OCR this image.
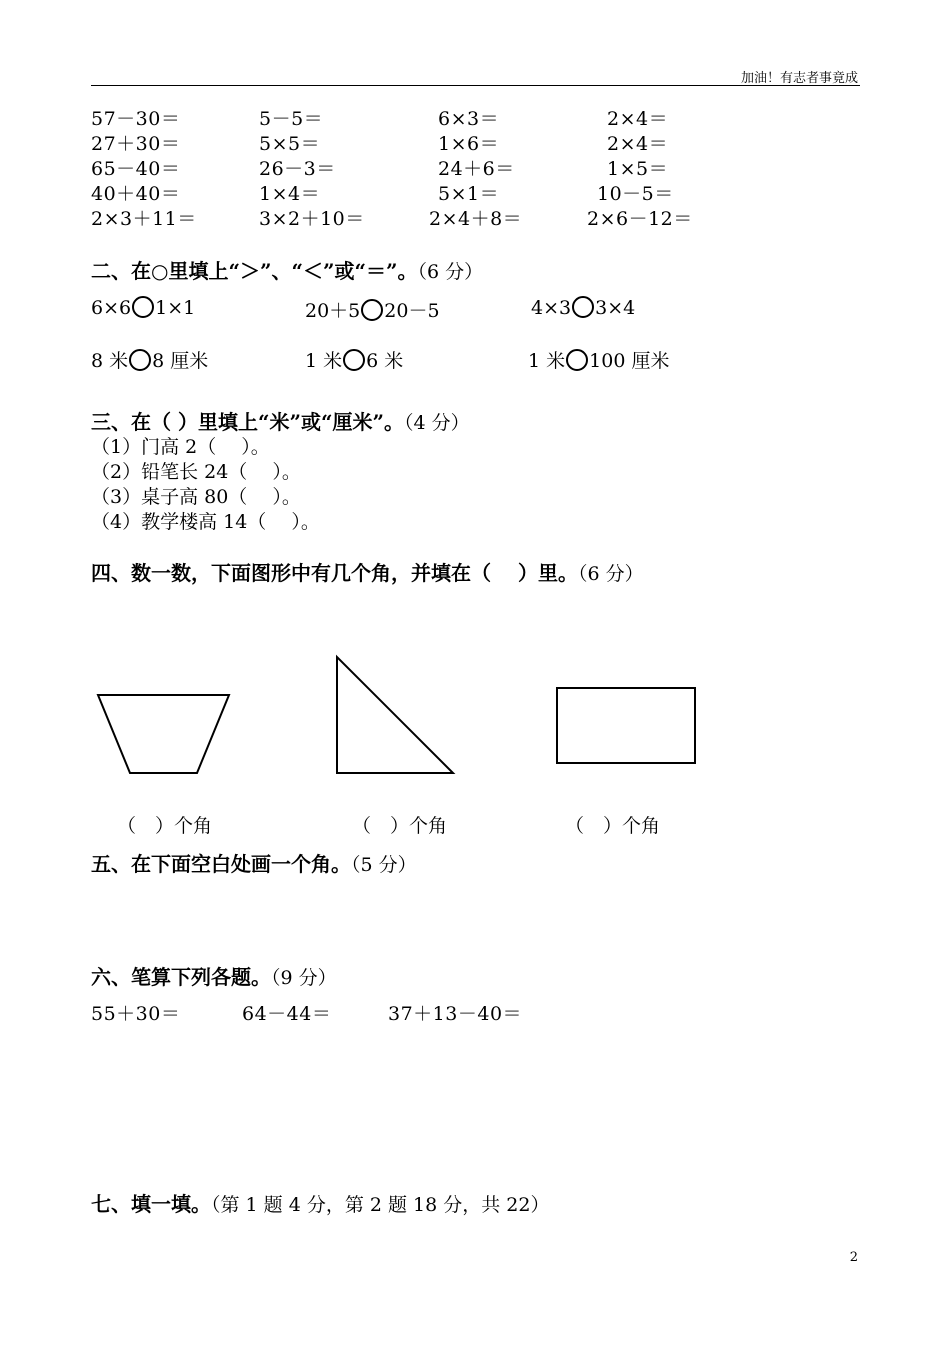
加油！有志者事竟成
57－30＝	5－5＝	6×3＝	2×4＝
27＋30＝	5×5＝	1×6＝	2×4＝
65－40＝	26－3＝	24＋6＝	1×5＝
40＋40＝	1×4＝	5×1＝	10－5＝
2×3＋11＝	3×2＋10＝	2×4＋8＝	2×6－12＝
二、在○里填上“＞”、“＜”或“＝”。（6 分）
6×6 1×1	20＋5 20－5	4×3 3×4
8 米 8 厘米	1 米 6 米	1 米 100 厘米
三、在（ ）里填上“米”或“厘米”。（4 分）
（1）门高 2（　 ）。
（2）铅笔长 24（　 ）。
（3）桌子高 80（　 ）。
（4）教学楼高 14（　 ）。
四、数一数，下面图形中有几个角，并填在（　 ）里。（6 分）
（　）个角	（　）个角	（　）个角
五、在下面空白处画一个角。（5 分）
六、笔算下列各题。（9 分）
55＋30＝	64－44＝	37＋13－40＝
七、填一填。（第 1 题 4 分，第 2 题 18 分，共 22）
2
